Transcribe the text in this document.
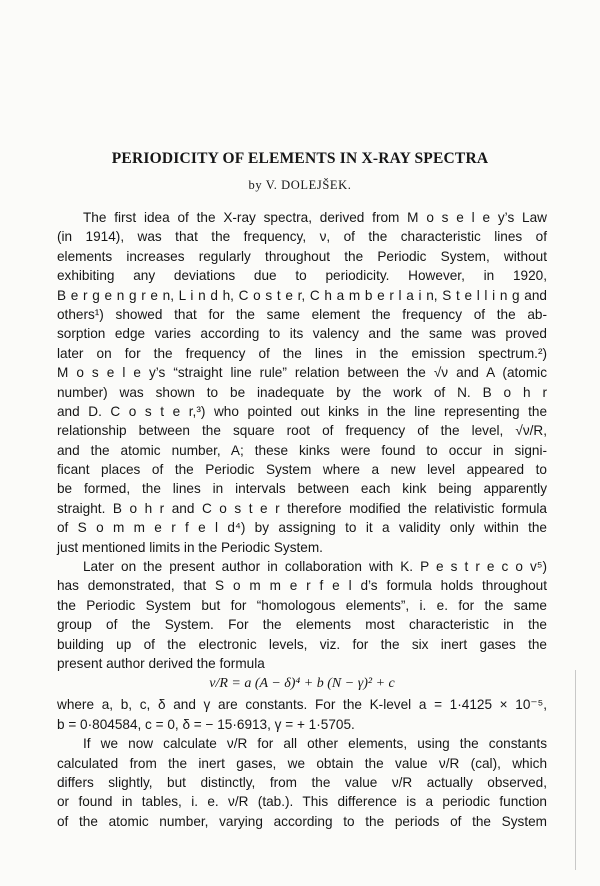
PERIODICITY OF ELEMENTS IN X-RAY SPECTRA
by V. DOLEJŠEK.
The first idea of the X-ray spectra, derived from M o s e l e y’s Law
(in 1914), was that the frequency, ν, of the characteristic lines of
elements increases regularly throughout the Periodic System, without
exhibiting any deviations due to periodicity. However, in 1920,
B e r g e n g r e n, L i n d h, C o s t e r, C h a m b e r l a i n, S t e l l i n g and
others¹) showed that for the same element the frequency of the ab-
sorption edge varies according to its valency and the same was proved
later on for the frequency of the lines in the emission spectrum.²)
M o s e l e y’s “straight line rule” relation between the √ν and A (atomic
number) was shown to be inadequate by the work of N. B o h r
and D. C o s t e r,³) who pointed out kinks in the line representing the
relationship between the square root of frequency of the level, √ν/R,
and the atomic number, A; these kinks were found to occur in signi-
ficant places of the Periodic System where a new level appeared to
be formed, the lines in intervals between each kink being apparently
straight. B o h r and C o s t e r therefore modified the relativistic formula
of S o m m e r f e l d⁴) by assigning to it a validity only within the
just mentioned limits in the Periodic System.
Later on the present author in collaboration with K. P e s t r e c o v⁵)
has demonstrated, that S o m m e r f e l d’s formula holds throughout
the Periodic System but for “homologous elements”, i. e. for the same
group of the System. For the elements most characteristic in the
building up of the electronic levels, viz. for the six inert gases the
present author derived the formula
ν/R = a (A − δ)⁴ + b (N − γ)² + c
where a, b, c, δ and γ are constants. For the K-level a = 1·4125 × 10⁻⁵,
b = 0·804584, c = 0, δ = − 15·6913, γ = + 1·5705.
If we now calculate ν/R for all other elements, using the constants
calculated from the inert gases, we obtain the value ν/R (cal), which
differs slightly, but distinctly, from the value ν/R actually observed,
or found in tables, i. e. ν/R (tab.). This difference is a periodic function
of the atomic number, varying according to the periods of the System
